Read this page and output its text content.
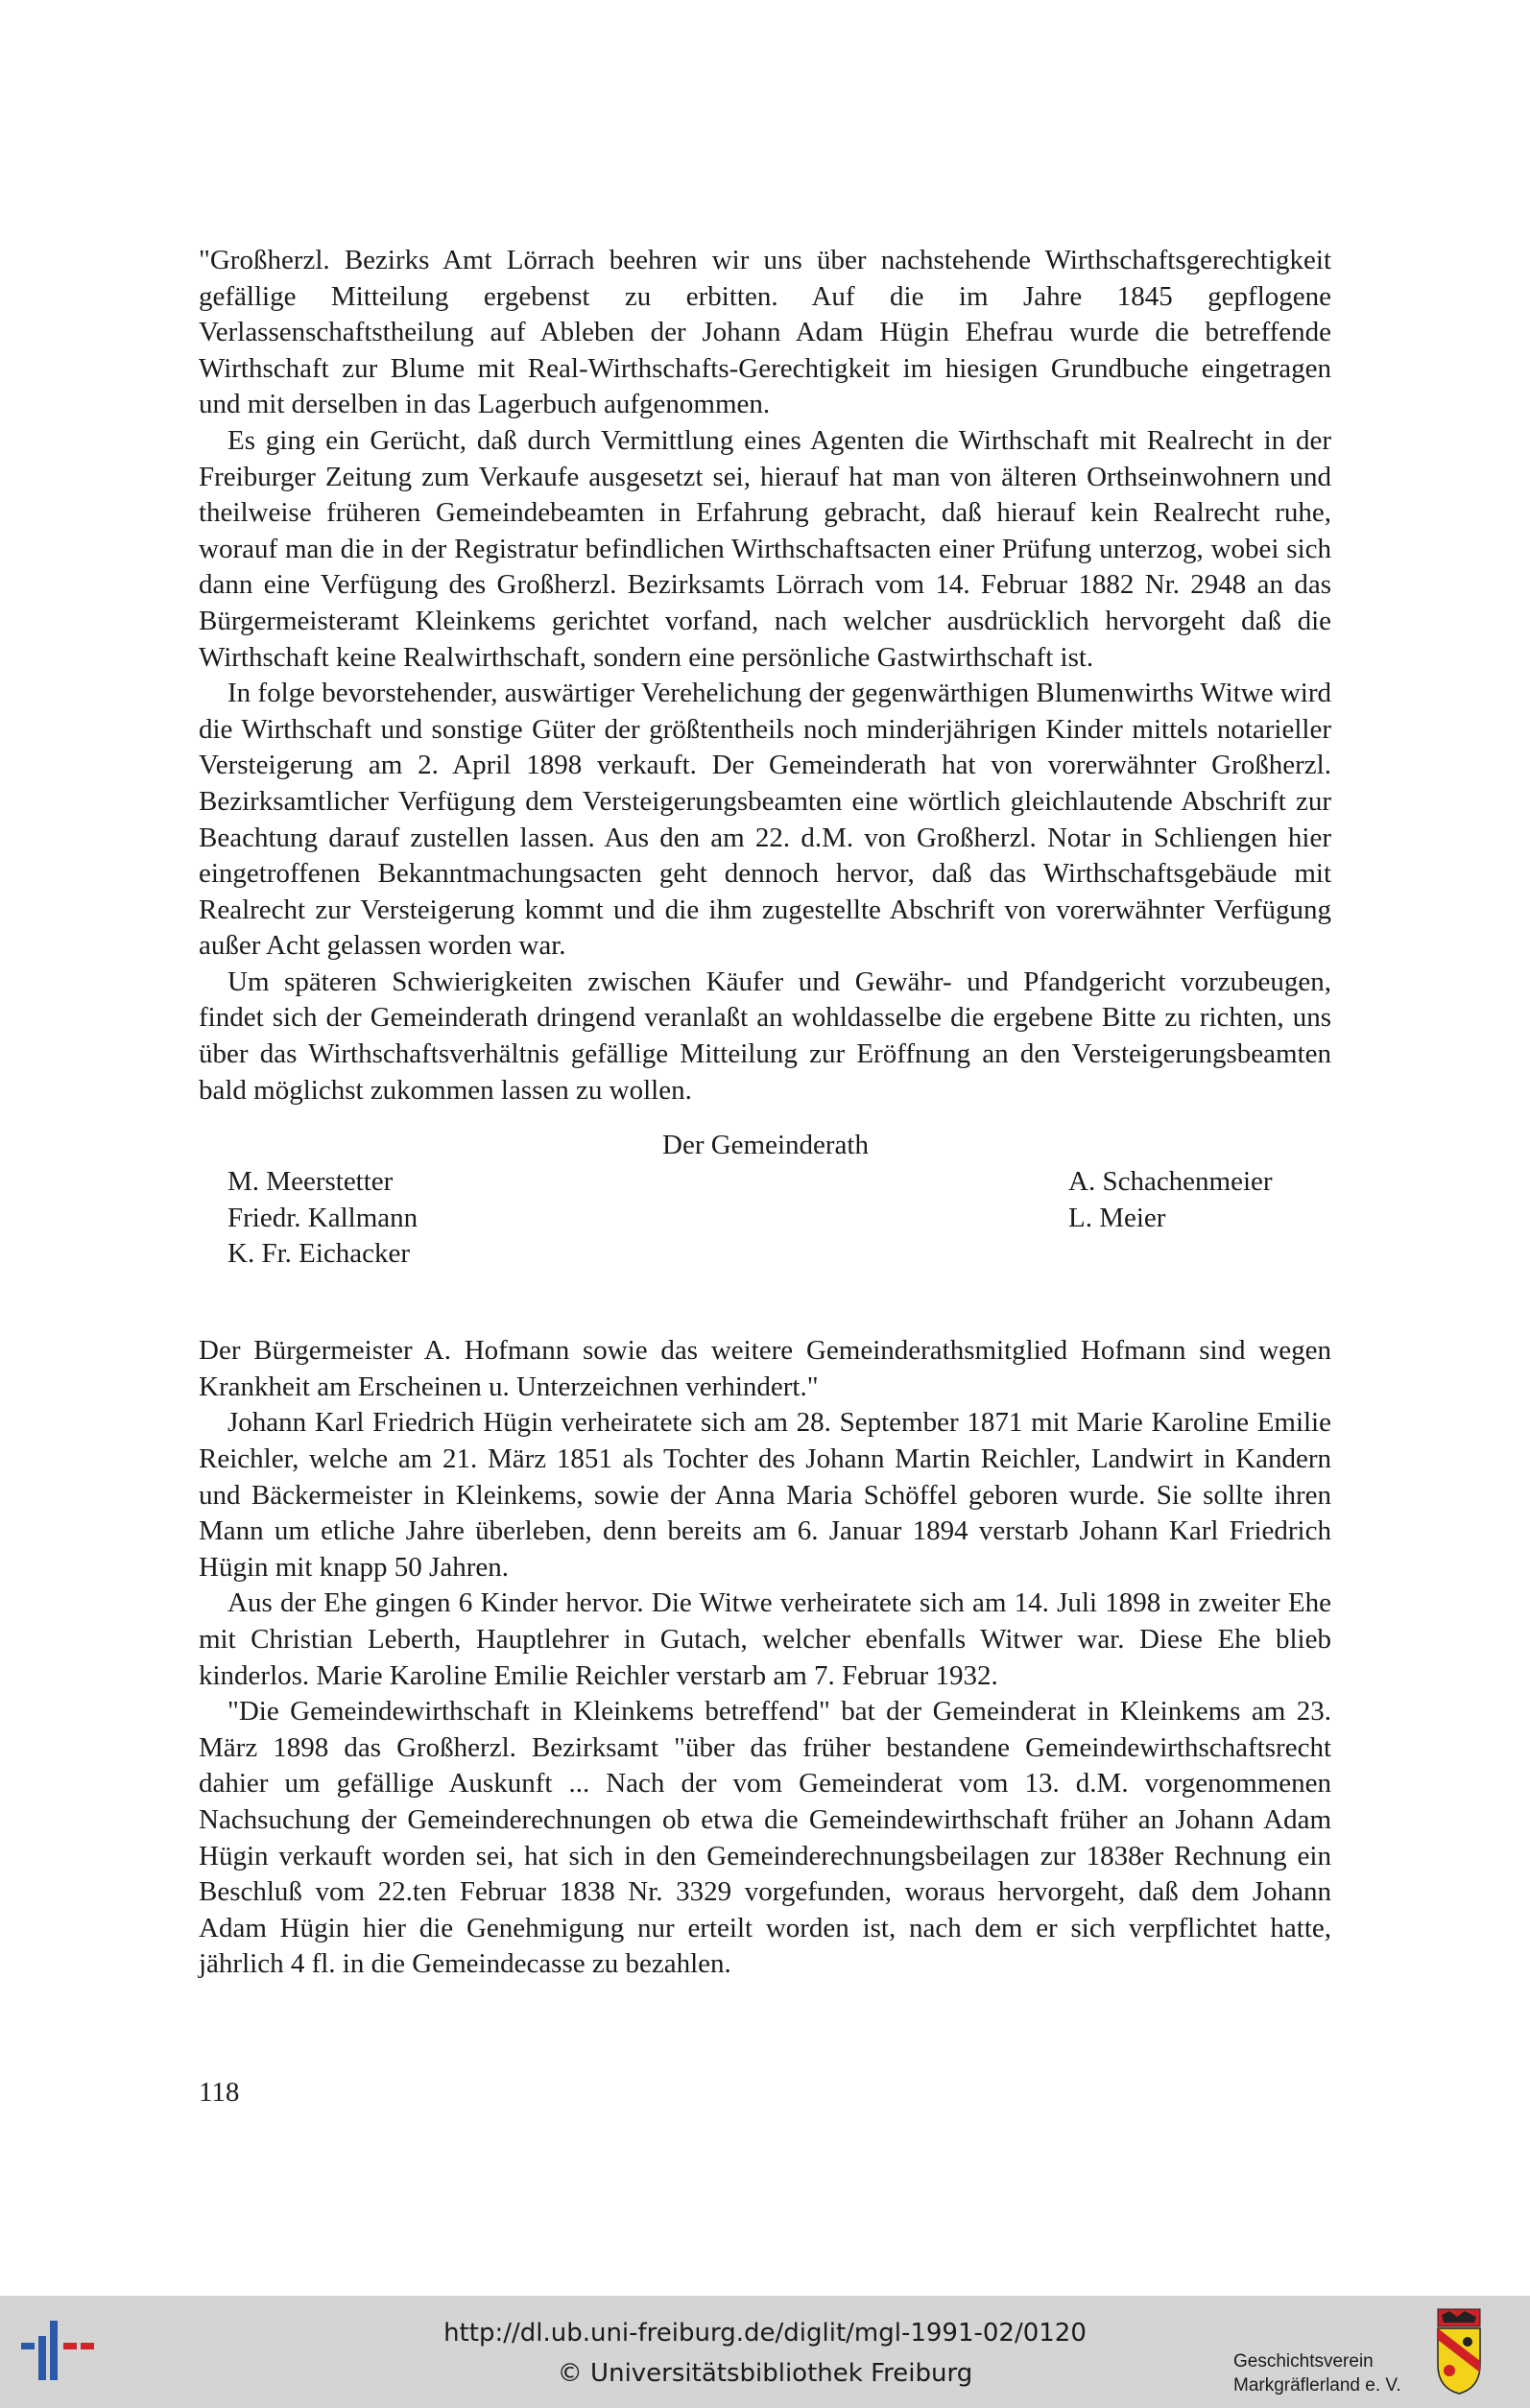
"Großherzl. Bezirks Amt Lörrach beehren wir uns über nachstehende Wirthschaftsgerechtigkeit gefällige Mitteilung ergebenst zu erbitten. Auf die im Jahre 1845 gepflogene Verlassenschaftstheilung auf Ableben der Johann Adam Hügin Ehefrau wurde die betreffende Wirthschaft zur Blume mit Real-Wirthschafts-Gerechtigkeit im hiesigen Grundbuche eingetragen und mit derselben in das Lagerbuch aufgenommen.

Es ging ein Gerücht, daß durch Vermittlung eines Agenten die Wirthschaft mit Realrecht in der Freiburger Zeitung zum Verkaufe ausgesetzt sei, hierauf hat man von älteren Orthseinwohnern und theilweise früheren Gemeindebeamten in Erfahrung gebracht, daß hierauf kein Realrecht ruhe, worauf man die in der Registratur befindlichen Wirthschaftsacten einer Prüfung unterzog, wobei sich dann eine Verfügung des Großherzl. Bezirksamts Lörrach vom 14. Februar 1882 Nr. 2948 an das Bürgermeisteramt Kleinkems gerichtet vorfand, nach welcher ausdrücklich hervorgeht daß die Wirthschaft keine Realwirthschaft, sondern eine persönliche Gastwirthschaft ist.

In folge bevorstehender, auswärtiger Verehelichung der gegenwärthigen Blumenwirths Witwe wird die Wirthschaft und sonstige Güter der größtentheils noch minderjährigen Kinder mittels notarieller Versteigerung am 2. April 1898 verkauft. Der Gemeinderath hat von vorerwähnter Großherzl. Bezirksamtlicher Verfügung dem Versteigerungsbeamten eine wörtlich gleichlautende Abschrift zur Beachtung darauf zustellen lassen. Aus den am 22. d.M. von Großherzl. Notar in Schliengen hier eingetroffenen Bekanntmachungsacten geht dennoch hervor, daß das Wirthschaftsgebäude mit Realrecht zur Versteigerung kommt und die ihm zugestellte Abschrift von vorerwähnter Verfügung außer Acht gelassen worden war.

Um späteren Schwierigkeiten zwischen Käufer und Gewähr- und Pfandgericht vorzubeugen, findet sich der Gemeinderath dringend veranlaßt an wohldasselbe die ergebene Bitte zu richten, uns über das Wirthschaftsverhältnis gefällige Mitteilung zur Eröffnung an den Versteigerungsbeamten bald möglichst zukommen lassen zu wollen.

Der Gemeinderath
M. Meerstetter
Friedr. Kallmann
K. Fr. Eichacker
A. Schachenmeier
L. Meier

Der Bürgermeister A. Hofmann sowie das weitere Gemeinderathsmitglied Hofmann sind wegen Krankheit am Erscheinen u. Unterzeichnen verhindert."

Johann Karl Friedrich Hügin verheiratete sich am 28. September 1871 mit Marie Karoline Emilie Reichler, welche am 21. März 1851 als Tochter des Johann Martin Reichler, Landwirt in Kandern und Bäckermeister in Kleinkems, sowie der Anna Maria Schöffel geboren wurde. Sie sollte ihren Mann um etliche Jahre überleben, denn bereits am 6. Januar 1894 verstarb Johann Karl Friedrich Hügin mit knapp 50 Jahren.

Aus der Ehe gingen 6 Kinder hervor. Die Witwe verheiratete sich am 14. Juli 1898 in zweiter Ehe mit Christian Leberth, Hauptlehrer in Gutach, welcher ebenfalls Witwer war. Diese Ehe blieb kinderlos. Marie Karoline Emilie Reichler verstarb am 7. Februar 1932.

"Die Gemeindewirthschaft in Kleinkems betreffend" bat der Gemeinderat in Kleinkems am 23. März 1898 das Großherzl. Bezirksamt "über das früher bestandene Gemeindewirthschaftsrecht dahier um gefällige Auskunft ... Nach der vom Gemeinderat vom 13. d.M. vorgenommenen Nachsuchung der Gemeinderechnungen ob etwa die Gemeindewirthschaft früher an Johann Adam Hügin verkauft worden sei, hat sich in den Gemeinderechnungsbeilagen zur 1838er Rechnung ein Beschluß vom 22.ten Februar 1838 Nr. 3329 vorgefunden, woraus hervorgeht, daß dem Johann Adam Hügin hier die Genehmigung nur erteilt worden ist, nach dem er sich verpflichtet hatte, jährlich 4 fl. in die Gemeindecasse zu bezahlen.

118
http://dl.ub.uni-freiburg.de/diglit/mgl-1991-02/0120
© Universitätsbibliothek Freiburg	Geschichtsverein
Markgräflerland e. V.
